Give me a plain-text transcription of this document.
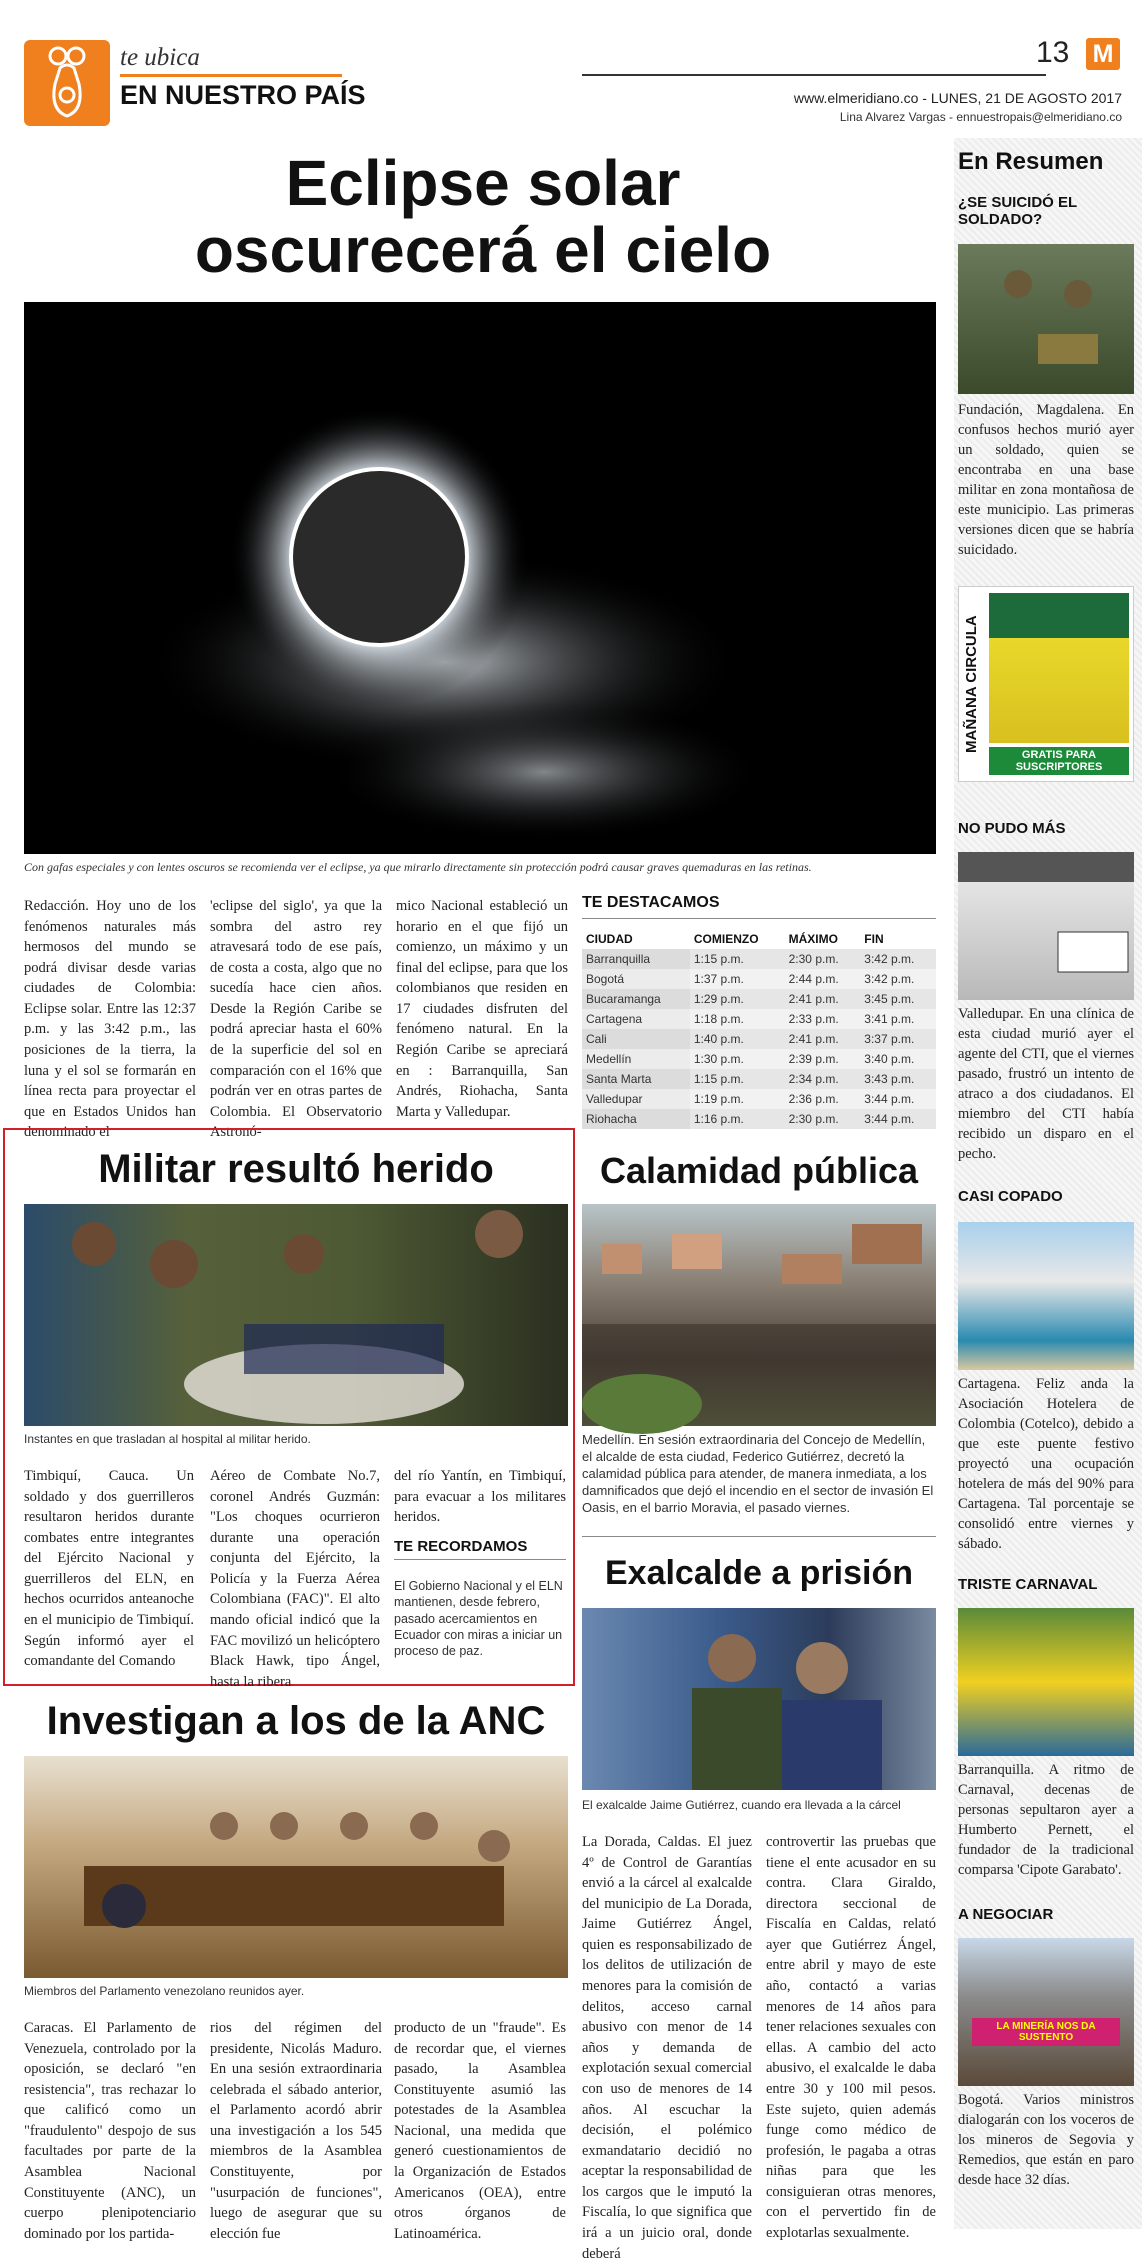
te ubica
EN NUESTRO PAÍS
13 M
www.elmeridiano.co - LUNES, 21 DE AGOSTO 2017
Lina Alvarez Vargas - ennuestropais@elmeridiano.co
Eclipse solar
oscurecerá el cielo
Con gafas especiales y con lentes oscuros se recomienda ver el eclipse, ya que mirarlo directamente sin protección podrá causar graves quemaduras en las retinas.
Redacción. Hoy uno de los fenómenos naturales más hermosos del mundo se podrá divisar desde varias ciudades de Colombia: Eclipse solar. Entre las 12:37 p.m. y las 3:42 p.m., las posiciones de la tierra, la luna y el sol se formarán en línea recta para proyectar el que en Estados Unidos han denominado el
'eclipse del siglo', ya que la sombra del astro rey atravesará todo de ese país, de costa a costa, algo que no sucedía hace cien años. Desde la Región Caribe se podrá apreciar hasta el 60% de la superficie del sol en comparación con el 16% que podrán ver en otras partes de Colombia. El Observatorio Astronó-
mico Nacional estableció un horario en el que fijó un comienzo, un máximo y un final del eclipse, para que los colombianos que residen en 17 ciudades disfruten del fenómeno natural. En la Región Caribe se apreciará en : Barranquilla, San Andrés, Riohacha, Santa Marta y Valledupar.
TE DESTACAMOS
CIUDAD	COMIENZO	MÁXIMO	FIN
Barranquilla	1:15 p.m.	2:30 p.m.	3:42 p.m.
Bogotá	1:37 p.m.	2:44 p.m.	3:42 p.m.
Bucaramanga	1:29 p.m.	2:41 p.m.	3:45 p.m.
Cartagena	1:18 p.m.	2:33 p.m.	3:41 p.m.
Cali	1:40 p.m.	2:41 p.m.	3:37 p.m.
Medellín	1:30 p.m.	2:39 p.m.	3:40 p.m.
Santa Marta	1:15 p.m.	2:34 p.m.	3:43 p.m.
Valledupar	1:19 p.m.	2:36 p.m.	3:44 p.m.
Riohacha	1:16 p.m.	2:30 p.m.	3:44 p.m.
Militar resultó herido
Instantes en que trasladan al hospital al militar herido.
Timbiquí, Cauca. Un soldado y dos guerrilleros resultaron heridos durante combates entre integrantes del Ejército Nacional y guerrilleros del ELN, en hechos ocurridos anteanoche en el municipio de Timbiquí. Según informó ayer el comandante del Comando
Aéreo de Combate No.7, coronel Andrés Guzmán: "Los choques ocurrieron durante una operación conjunta del Ejército, la Policía y la Fuerza Aérea Colombiana (FAC)". El alto mando oficial indicó que la FAC movilizó un helicóptero Black Hawk, tipo Ángel, hasta la ribera
del río Yantín, en Timbiquí, para evacuar a los militares heridos.
TE RECORDAMOS
El Gobierno Nacional y el ELN mantienen, desde febrero, pasado acercamientos en Ecuador con miras a iniciar un proceso de paz.
Calamidad pública
Medellín. En sesión extraordinaria del Concejo de Medellín, el alcalde de esta ciudad, Federico Gutiérrez, decretó la calamidad pública para atender, de manera inmediata, a los damnificados que dejó el incendio en el sector de invasión El Oasis, en el barrio Moravia, el pasado viernes.
Exalcalde a prisión
El exalcalde Jaime Gutiérrez, cuando era llevada a la cárcel
La Dorada, Caldas. El juez 4º de Control de Garantías envió a la cárcel al exalcalde del municipio de La Dorada, Jaime Gutiérrez Ángel, quien es responsabilizado de los delitos de utilización de menores para la comisión de delitos, acceso carnal abusivo con menor de 14 años y demanda de explotación sexual comercial con uso de menores de 14 años. Al escuchar la decisión, el polémico exmandatario decidió no aceptar la responsabilidad de los cargos que le imputó la Fiscalía, lo que significa que irá a un juicio oral, donde deberá
controvertir las pruebas que tiene el ente acusador en su contra. Clara Giraldo, directora seccional de Fiscalía en Caldas, relató ayer que Gutiérrez Ángel, entre abril y mayo de este año, contactó a varias menores de 14 años para tener relaciones sexuales con ellas. A cambio del acto abusivo, el exalcalde le daba entre 30 y 100 mil pesos. Este sujeto, quien además funge como médico de profesión, le pagaba a otras niñas para que les consiguieran otras menores, con el pervertido fin de explotarlas sexualmente.
Investigan a los de la ANC
Miembros del Parlamento venezolano reunidos ayer.
Caracas. El Parlamento de Venezuela, controlado por la oposición, se declaró "en resistencia", tras rechazar lo que calificó como un "fraudulento" despojo de sus facultades por parte de la Asamblea Nacional Constituyente (ANC), un cuerpo plenipotenciario dominado por los partida-
rios del régimen del presidente, Nicolás Maduro. En una sesión extraordinaria celebrada el sábado anterior, el Parlamento acordó abrir una investigación a los 545 miembros de la Asamblea Constituyente, por "usurpación de funciones", luego de asegurar que su elección fue
producto de un "fraude". Es de recordar que, el viernes pasado, la Asamblea Constituyente asumió las potestades de la Asamblea Nacional, una medida que generó cuestionamientos de la Organización de Estados Americanos (OEA), entre otros órganos de Latinoamérica.
En Resumen
¿SE SUICIDÓ EL SOLDADO?
Fundación, Magdalena. En confusos hechos murió ayer un soldado, quien se encontraba en una base militar en zona montañosa de este municipio. Las primeras versiones dicen que se habría suicidado.
MAÑANA CIRCULA
GRATIS PARA SUSCRIPTORES
NO PUDO MÁS
Valledupar. En una clínica de esta ciudad murió ayer el agente del CTI, que el viernes pasado, frustró un intento de atraco a dos ciudadanos. El miembro del CTI había recibido un disparo en el pecho.
CASI COPADO
Cartagena. Feliz anda la Asociación Hotelera de Colombia (Cotelco), debido a que este puente festivo proyectó una ocupación hotelera de más del 90% para Cartagena. Tal porcentaje se consolidó entre viernes y sábado.
TRISTE CARNAVAL
Barranquilla. A ritmo de Carnaval, decenas de personas sepultaron ayer a Humberto Pernett, el fundador de la tradicional comparsa 'Cipote Garabato'.
A NEGOCIAR
LA MINERÍA NOS DA SUSTENTO
Bogotá. Varios ministros dialogarán con los voceros de los mineros de Segovia y Remedios, que están en paro desde hace 32 días.
